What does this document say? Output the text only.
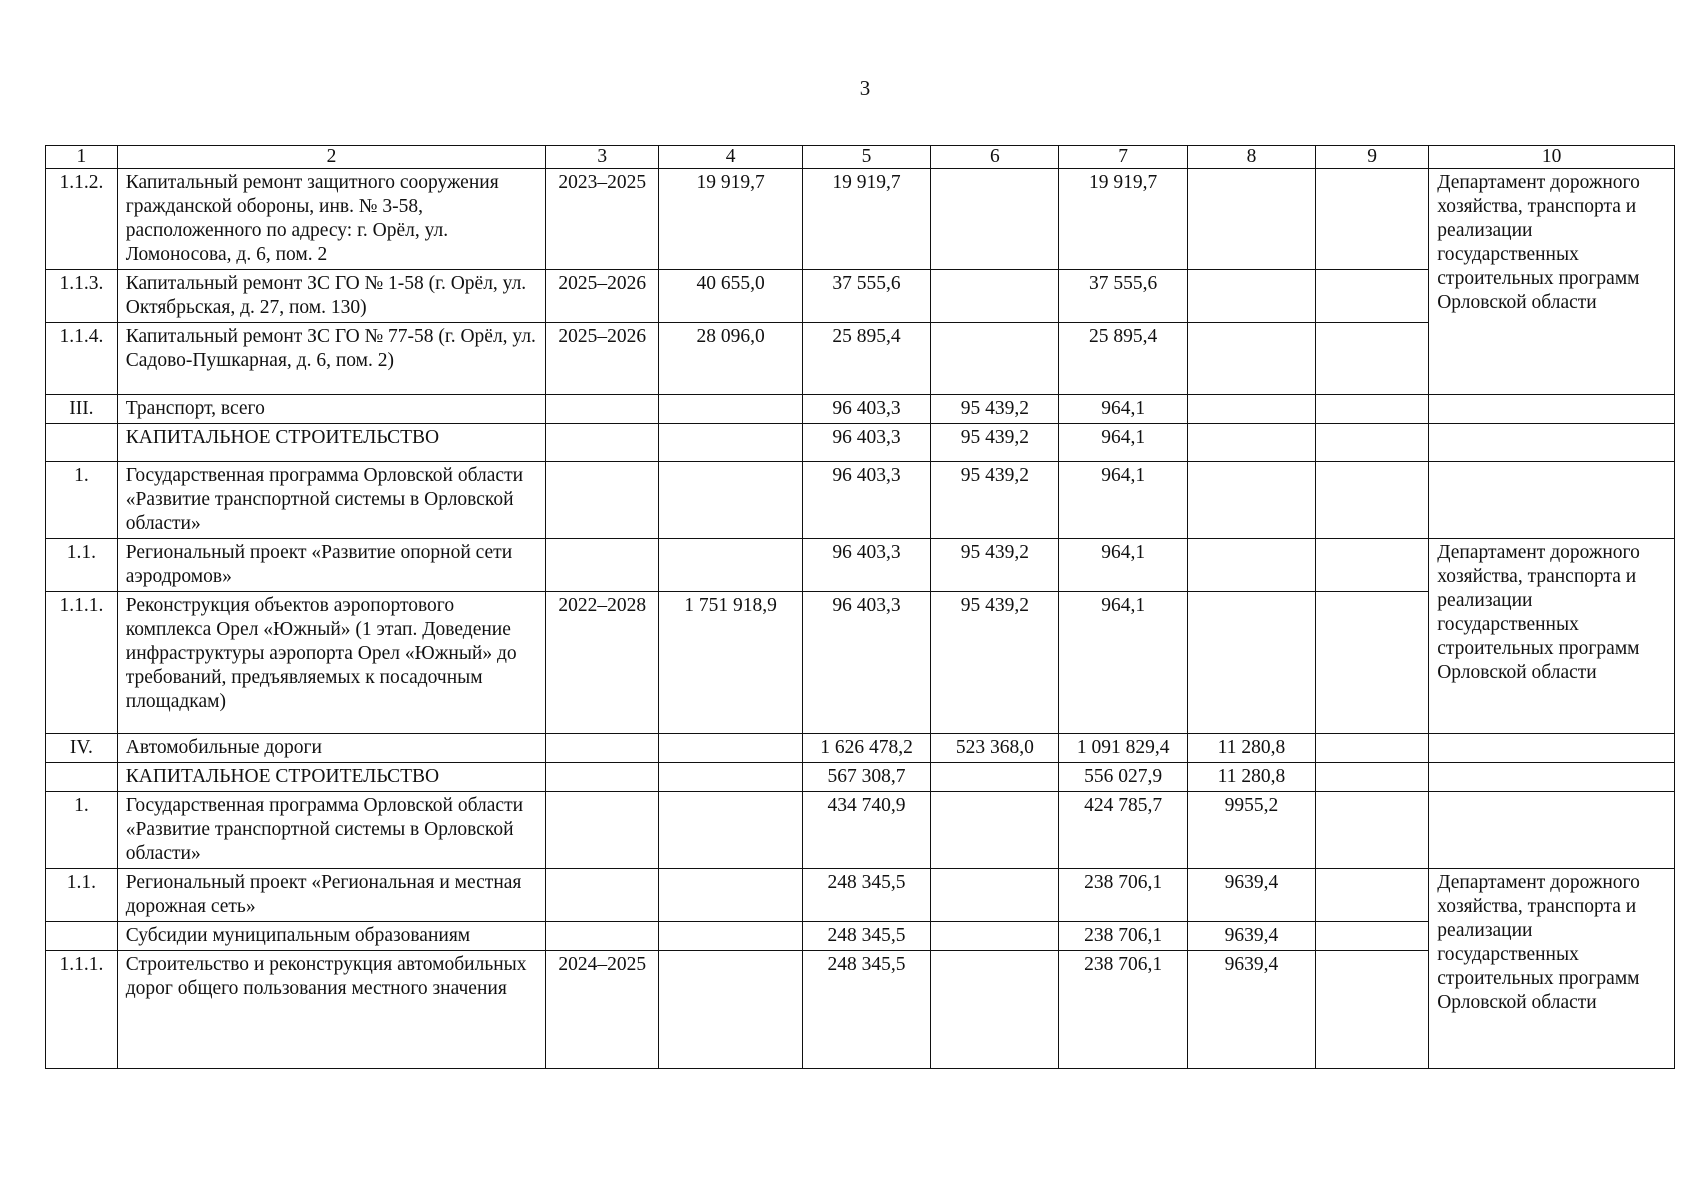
3
1	2	3	4	5	6	7	8	9	10
1.1.2.	Капитальный ремонт защитного сооружения гражданской обороны, инв. № 3-58, расположенного по адресу: г. Орёл, ул. Ломоносова, д. 6, пом. 2	2023–2025	19 919,7	19 919,7		19 919,7			Департамент дорожного хозяйства, транспорта и реализации государственных строительных программ Орловской области
1.1.3.	Капитальный ремонт ЗС ГО № 1-58 (г. Орёл, ул. Октябрьская, д. 27, пом. 130)	2025–2026	40 655,0	37 555,6		37 555,6			
1.1.4.	Капитальный ремонт ЗС ГО № 77-58 (г. Орёл, ул. Садово-Пушкарная, д. 6, пом. 2)	2025–2026	28 096,0	25 895,4		25 895,4			
III.	Транспорт, всего			96 403,3	95 439,2	964,1			
	КАПИТАЛЬНОЕ СТРОИТЕЛЬСТВО			96 403,3	95 439,2	964,1			
1.	Государственная программа Орловской области «Развитие транспортной системы в Орловской области»			96 403,3	95 439,2	964,1			
1.1.	Региональный проект «Развитие опорной сети аэродромов»			96 403,3	95 439,2	964,1			Департамент дорожного хозяйства, транспорта и реализации государственных строительных программ Орловской области
1.1.1.	Реконструкция объектов аэропортового комплекса Орел «Южный» (1 этап. Доведение инфраструктуры аэропорта Орел «Южный» до требований, предъявляемых к посадочным площадкам)	2022–2028	1 751 918,9	96 403,3	95 439,2	964,1			
IV.	Автомобильные дороги			1 626 478,2	523 368,0	1 091 829,4	11 280,8		
	КАПИТАЛЬНОЕ СТРОИТЕЛЬСТВО			567 308,7		556 027,9	11 280,8		
1.	Государственная программа Орловской области «Развитие транспортной системы в Орловской области»			434 740,9		424 785,7	9955,2		
1.1.	Региональный проект «Региональная и местная дорожная сеть»			248 345,5		238 706,1	9639,4		Департамент дорожного хозяйства, транспорта и реализации государственных строительных программ Орловской области
	Субсидии муниципальным образованиям			248 345,5		238 706,1	9639,4		
1.1.1.	Строительство и реконструкция автомобильных дорог общего пользования местного значения	2024–2025		248 345,5		238 706,1	9639,4		
